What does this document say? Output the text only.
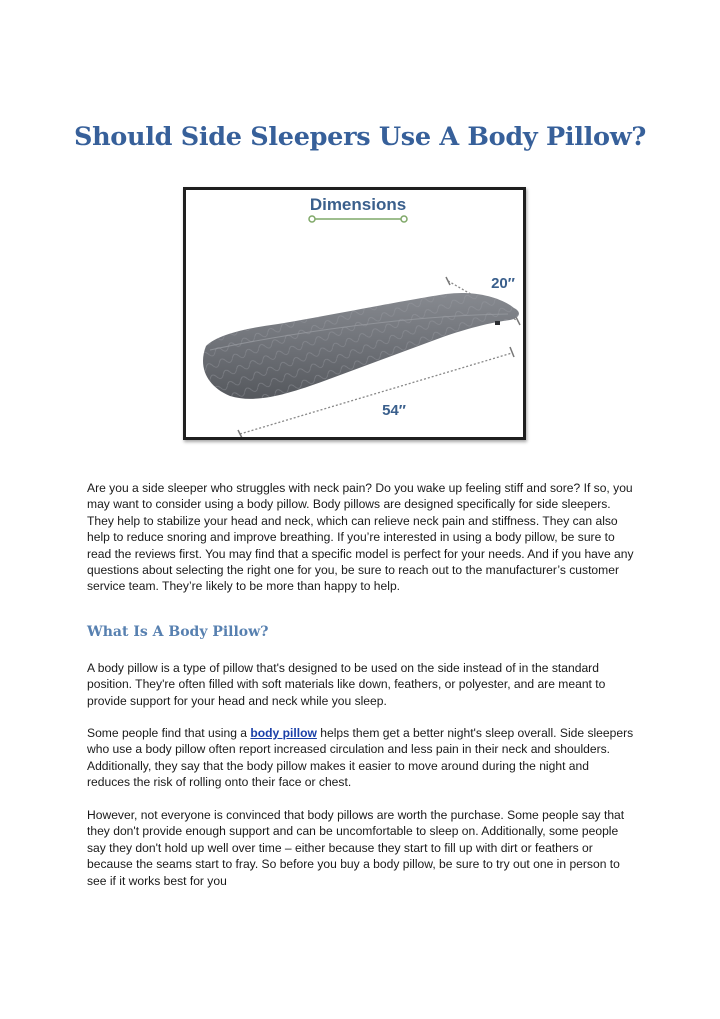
Should Side Sleepers Use A Body Pillow?
Dimensions
20″
54″

Are you a side sleeper who struggles with neck pain? Do you wake up feeling stiff and sore? If so, you may want to consider using a body pillow. Body pillows are designed specifically for side sleepers. They help to stabilize your head and neck, which can relieve neck pain and stiffness. They can also help to reduce snoring and improve breathing. If you’re interested in using a body pillow, be sure to read the reviews first. You may find that a specific model is perfect for your needs. And if you have any questions about selecting the right one for you, be sure to reach out to the manufacturer’s customer service team. They’re likely to be more than happy to help.

What Is A Body Pillow?

A body pillow is a type of pillow that's designed to be used on the side instead of in the standard position. They're often filled with soft materials like down, feathers, or polyester, and are meant to provide support for your head and neck while you sleep.

Some people find that using a body pillow helps them get a better night's sleep overall. Side sleepers who use a body pillow often report increased circulation and less pain in their neck and shoulders. Additionally, they say that the body pillow makes it easier to move around during the night and reduces the risk of rolling onto their face or chest.

However, not everyone is convinced that body pillows are worth the purchase. Some people say that they don't provide enough support and can be uncomfortable to sleep on. Additionally, some people say they don't hold up well over time – either because they start to fill up with dirt or feathers or because the seams start to fray. So before you buy a body pillow, be sure to try out one in person to see if it works best for you
